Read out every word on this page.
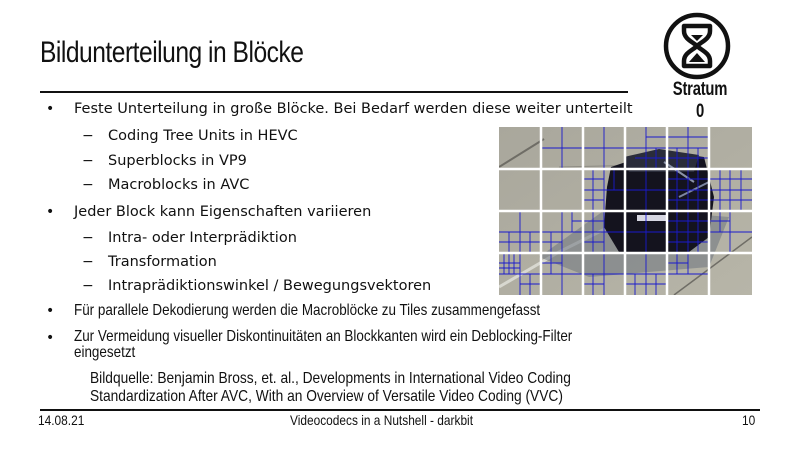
Bildunterteilung in Blöcke
Stratum 0
• Feste Unterteilung in große Blöcke. Bei Bedarf werden diese weiter unterteilt
− Coding Tree Units in HEVC
− Superblocks in VP9
− Macroblocks in AVC
• Jeder Block kann Eigenschaften variieren
− Intra- oder Interprädiktion
− Transformation
− Intraprädiktionswinkel / Bewegungsvektoren
• Für parallele Dekodierung werden die Macroblöcke zu Tiles zusammengefasst
• Zur Vermeidung visueller Diskontinuitäten an Blockkanten wird ein Deblocking-Filter
eingesetzt
Bildquelle: Benjamin Bross, et. al., Developments in International Video Coding
Standardization After AVC, With an Overview of Versatile Video Coding (VVC)
14.08.21	Videocodecs in a Nutshell - darkbit	10
